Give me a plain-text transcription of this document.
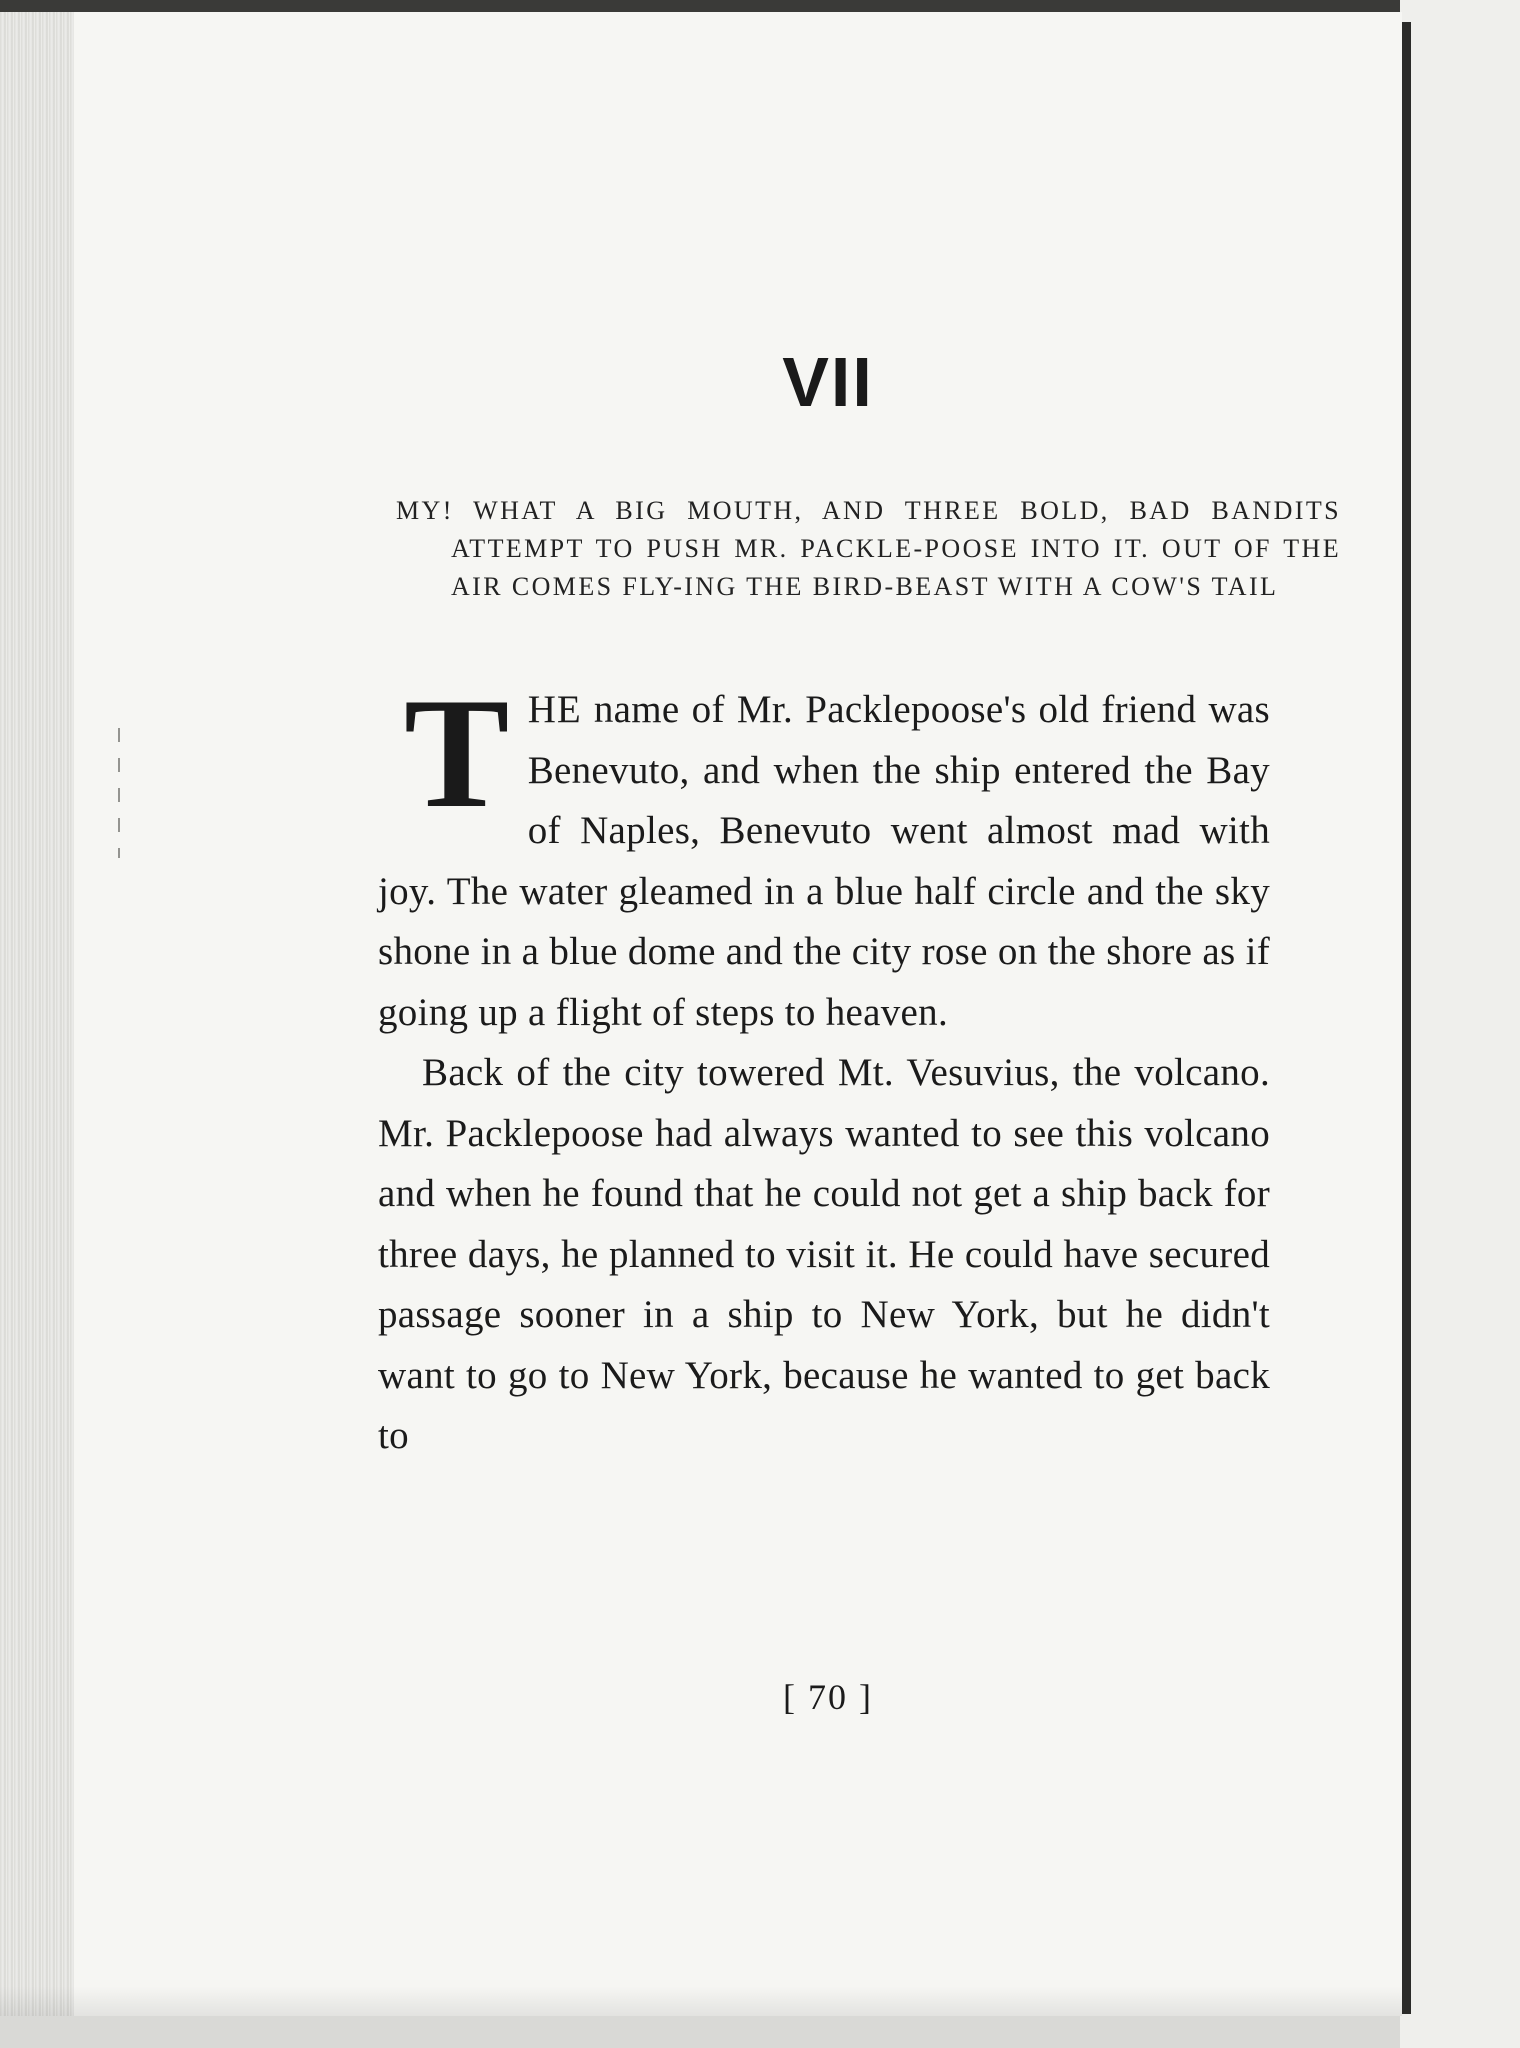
VII

MY! WHAT A BIG MOUTH, AND THREE BOLD, BAD BANDITS ATTEMPT TO PUSH MR. PACKLE-POOSE INTO IT. OUT OF THE AIR COMES FLY-ING THE BIRD-BEAST WITH A COW'S TAIL

THE name of Mr. Packlepoose's old friend was Benevuto, and when the ship entered the Bay of Naples, Benevuto went almost mad with joy. The water gleamed in a blue half circle and the sky shone in a blue dome and the city rose on the shore as if going up a flight of steps to heaven.

Back of the city towered Mt. Vesuvius, the volcano. Mr. Packlepoose had always wanted to see this volcano and when he found that he could not get a ship back for three days, he planned to visit it. He could have secured passage sooner in a ship to New York, but he didn't want to go to New York, because he wanted to get back to

[ 70 ]
